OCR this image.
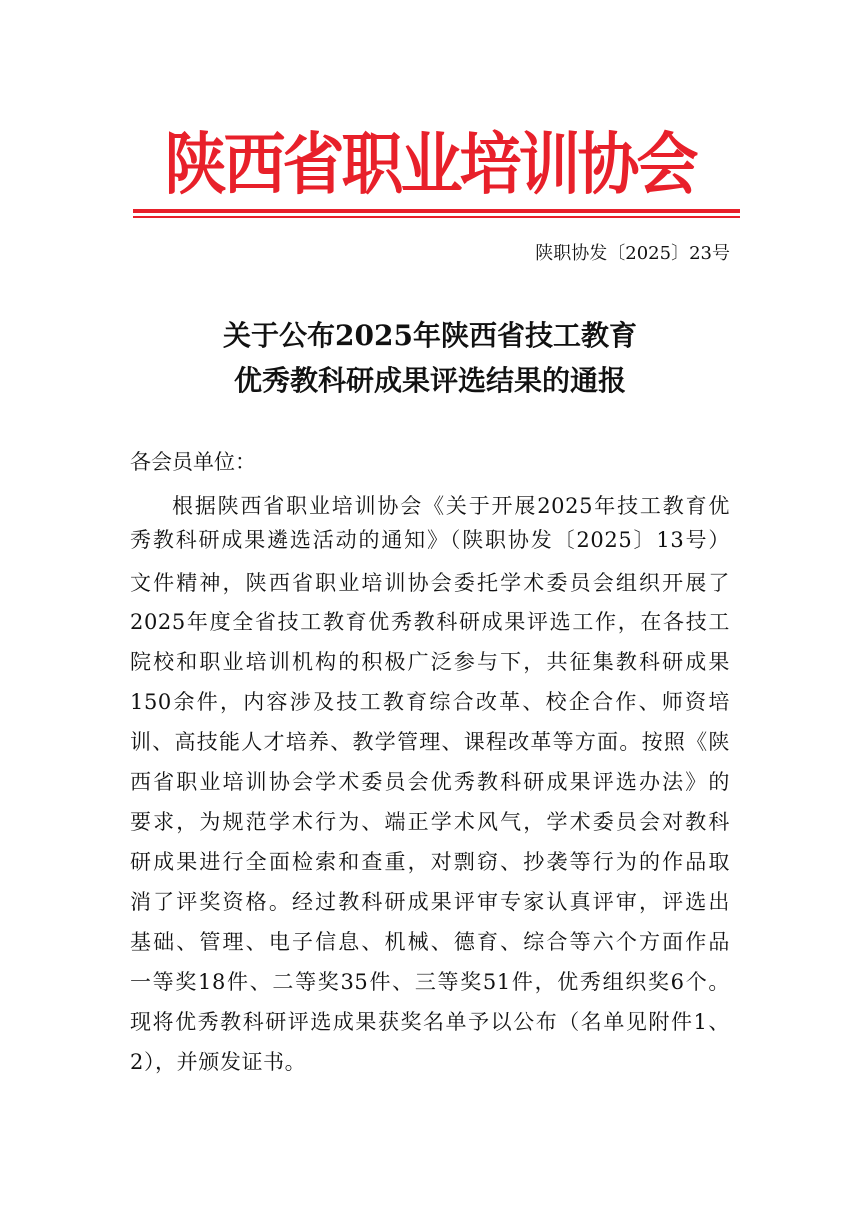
陕西省职业培训协会
陕职协发〔2025〕23号
关于公布2025年陕西省技工教育
优秀教科研成果评选结果的通报
各会员单位：
根据陕西省职业培训协会《关于开展2025年技工教育优
秀教科研成果遴选活动的通知》（陕职协发〔2025〕13号）
文件精神，陕西省职业培训协会委托学术委员会组织开展了
2025年度全省技工教育优秀教科研成果评选工作，在各技工
院校和职业培训机构的积极广泛参与下，共征集教科研成果
150余件，内容涉及技工教育综合改革、校企合作、师资培
训、高技能人才培养、教学管理、课程改革等方面。按照《陕
西省职业培训协会学术委员会优秀教科研成果评选办法》的
要求，为规范学术行为、端正学术风气，学术委员会对教科
研成果进行全面检索和查重，对剽窃、抄袭等行为的作品取
消了评奖资格。经过教科研成果评审专家认真评审，评选出
基础、管理、电子信息、机械、德育、综合等六个方面作品
一等奖18件、二等奖35件、三等奖51件，优秀组织奖6个。
现将优秀教科研评选成果获奖名单予以公布（名单见附件1、
2），并颁发证书。
